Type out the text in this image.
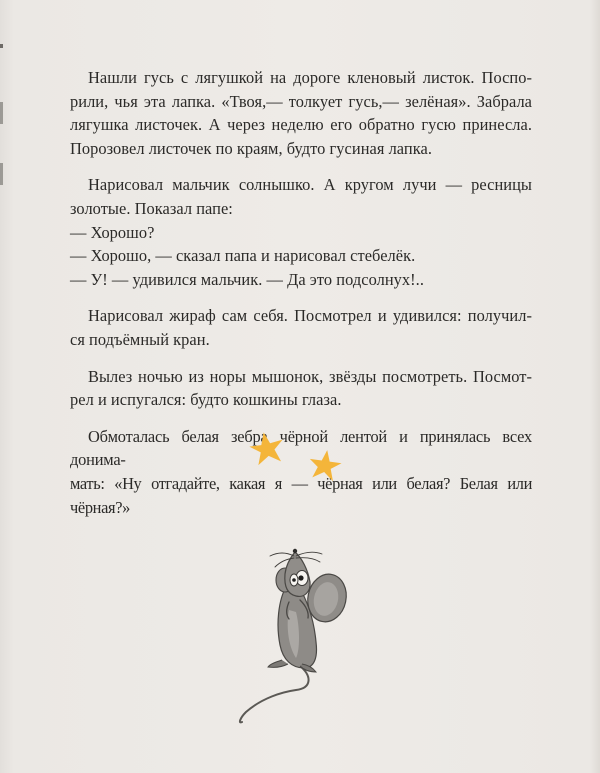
Нашли гусь с лягушкой на дороге кленовый листок. Поспо-
рили, чья эта лапка. «Твоя,— толкует гусь,— зелёная». Забрала
лягушка листочек. А через неделю его обратно гусю принесла.
Порозовел листочек по краям, будто гусиная лапка.

Нарисовал мальчик солнышко. А кругом лучи — ресницы
золотые. Показал папе:
— Хорошо?
— Хорошо, — сказал папа и нарисовал стебелёк.
— У! — удивился мальчик. — Да это подсолнух!..

Нарисовал жираф сам себя. Посмотрел и удивился: получил-
ся подъёмный кран.

Вылез ночью из норы мышонок, звёзды посмотреть. Посмот-
рел и испугался: будто кошкины глаза.

Обмоталась белая зебра чёрной лентой и принялась всех донима-
мать: «Ну отгадайте, какая я — чёрная или белая? Белая или чёрная?»
